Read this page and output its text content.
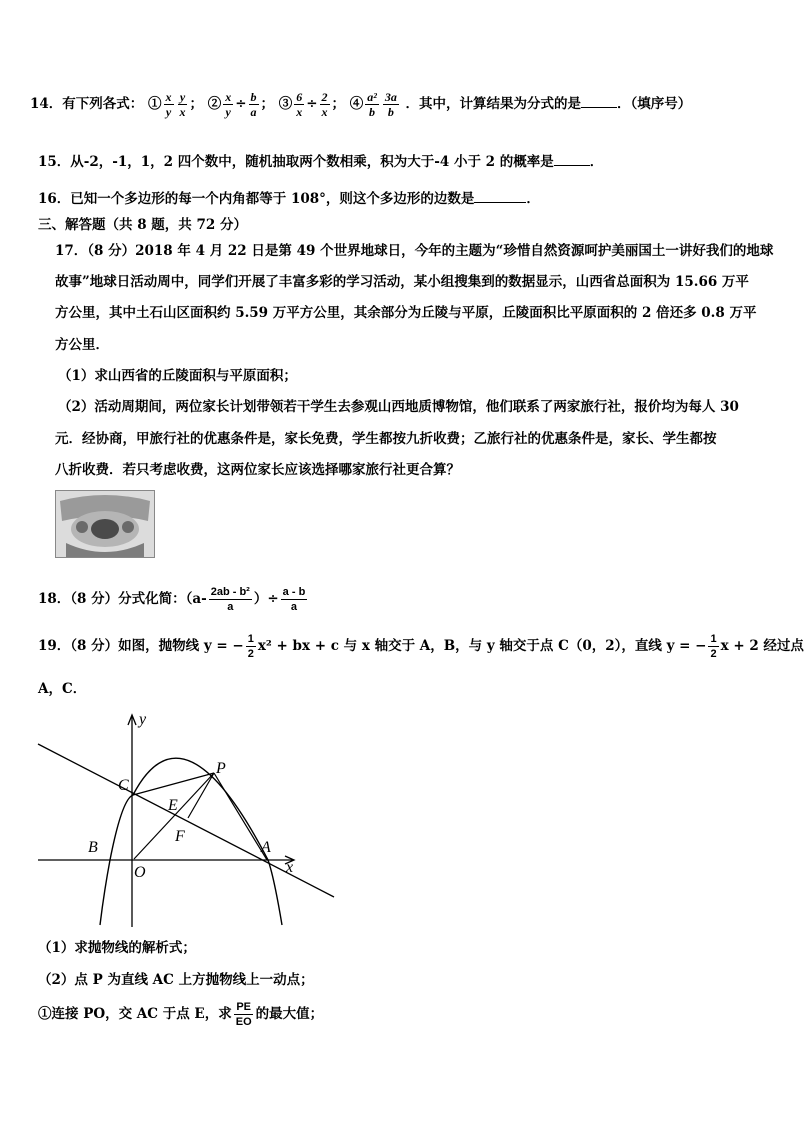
14．有下列各式： ① $\frac{x}{y} \frac{y}{x}$ ； ② $\frac{x}{y} \div \frac{b}{a}$ ； ③ $\frac{6}{x} \div \frac{2}{x}$ ； ④ $\frac{\text{a²}}{b} \frac{3a}{b}$ ．其中，计算结果为分式的是	．（填序号）
15．从-2，-1，1，2 四个数中，随机抽取两个数相乘，积为大于-4 小于 2 的概率是	．
16．已知一个多边形的每一个内角都等于 108°，则这个多边形的边数是	．
三、解答题（共 8 题，共 72 分）
17．（8 分）2018 年 4 月 22 日是第 49 个世界地球日，今年的主题为“珍惜自然资源呵护美丽国土一讲好我们的地球
故事”地球日活动周中，同学们开展了丰富多彩的学习活动，某小组搜集到的数据显示，山西省总面积为 15.66 万平
方公里，其中土石山区面积约 5.59 万平方公里，其余部分为丘陵与平原，丘陵面积比平原面积的 2 倍还多 0.8 万平
方公里．
（1）求山西省的丘陵面积与平原面积；
（2）活动周期间，两位家长计划带领若干学生去参观山西地质博物馆，他们联系了两家旅行社，报价均为每人 30
元．经协商，甲旅行社的优惠条件是，家长免费，学生都按九折收费；乙旅行社的优惠条件是，家长、学生都按
八折收费．若只考虑收费，这两位家长应该选择哪家旅行社更合算？
18．（8 分）分式化简：（$a- \frac{\text{2ab - b²}}{a}$ ）÷ $\frac{a - b}{a}$
19．（8 分）如图，抛物线 y = − $\frac{1}{2} x^2$ + bx + c 与 x 轴交于 A，B，与 y 轴交于点 C（0，2），直线 y = − $\frac{1}{2}$ x + 2 经过点
A，C．
y
C
P
E
F
B	A
O	x
（1）求抛物线的解析式；
（2）点 P 为直线 AC 上方抛物线上一动点；
①连接 PO，交 AC 于点 E，求 $\frac{PE}{EO}$ 的最大值；
